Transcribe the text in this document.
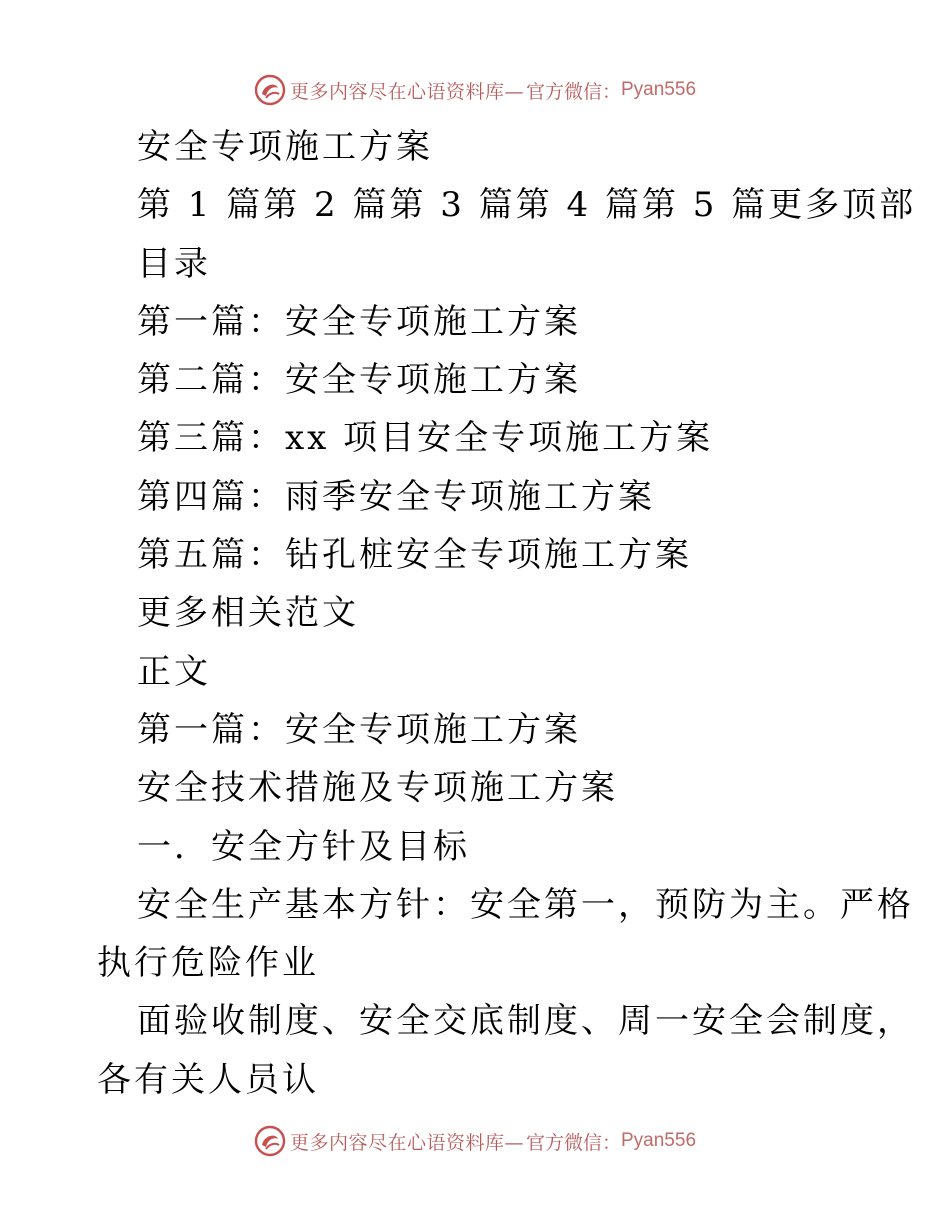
更多内容尽在心语资料库— 官方微信： Pyan556
安全专项施工方案
第 1 篇第 2 篇第 3 篇第 4 篇第 5 篇更多顶部
目录
第一篇：安全专项施工方案
第二篇：安全专项施工方案
第三篇：xx 项目安全专项施工方案
第四篇：雨季安全专项施工方案
第五篇：钻孔桩安全专项施工方案
更多相关范文
正文
第一篇：安全专项施工方案
安全技术措施及专项施工方案
一．安全方针及目标
安全生产基本方针：安全第一，预防为主。严格
执行危险作业
面验收制度、安全交底制度、周一安全会制度，
各有关人员认
更多内容尽在心语资料库— 官方微信： Pyan556
